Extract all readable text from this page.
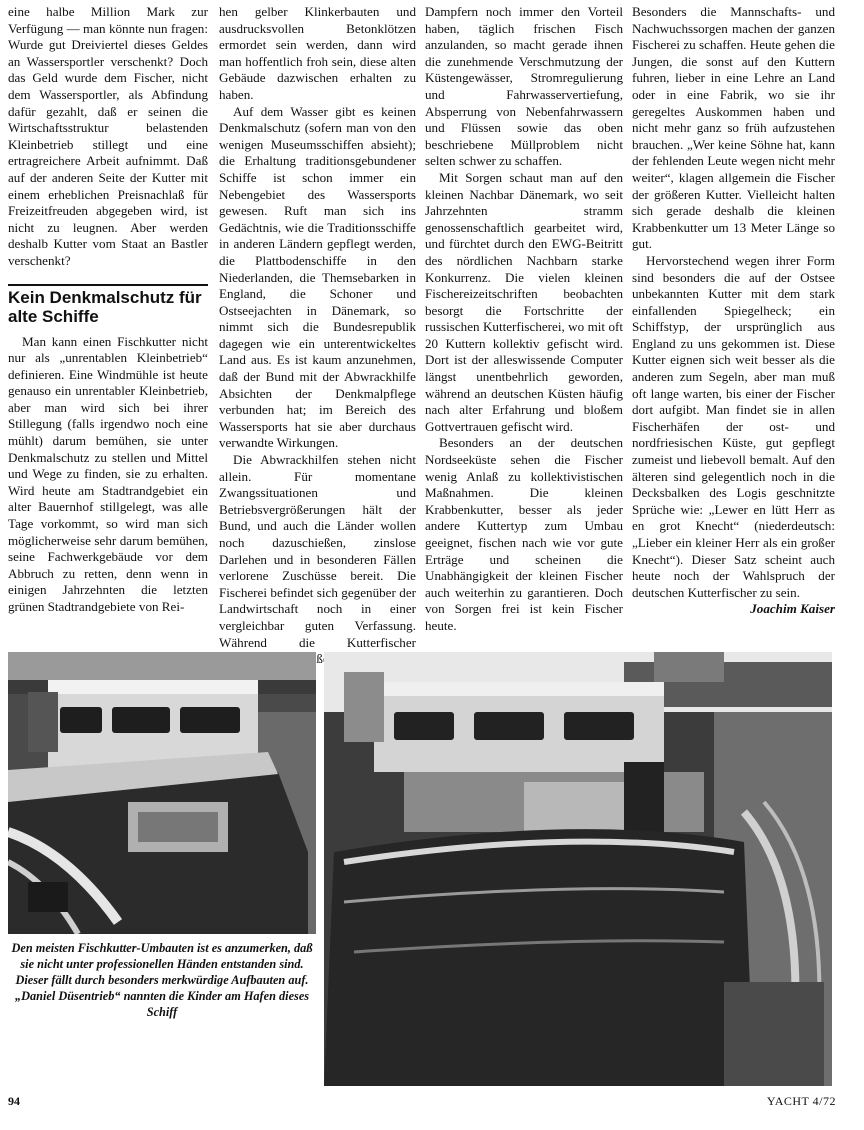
eine halbe Million Mark zur Verfügung — man könnte nun fragen: Wurde gut Dreiviertel dieses Geldes an Wassersportler verschenkt? Doch das Geld wurde dem Fischer, nicht dem Wassersportler, als Abfindung dafür gezahlt, daß er seinen die Wirtschaftsstruktur belastenden Kleinbetrieb stillegt und eine ertragreichere Arbeit aufnimmt. Daß auf der anderen Seite der Kutter mit einem erheblichen Preisnachlaß für Freizeitfreuden abgegeben wird, ist nicht zu leugnen. Aber werden deshalb Kutter vom Staat an Bastler verschenkt?

Kein Denkmalschutz für alte Schiffe

Man kann einen Fischkutter nicht nur als „unrentablen Kleinbetrieb“ definieren. Eine Windmühle ist heute genauso ein unrentabler Kleinbetrieb, aber man wird sich bei ihrer Stillegung (falls irgendwo noch eine mühlt) darum bemühen, sie unter Denkmalschutz zu stellen und Mittel und Wege zu finden, sie zu erhalten. Wird heute am Stadtrandgebiet ein alter Bauernhof stillgelegt, was alle Tage vorkommt, so wird man sich möglicherweise sehr darum bemühen, seine Fachwerkgebäude vor dem Abbruch zu retten, denn wenn in einigen Jahrzehnten die letzten grünen Stadtrandgebiete von Rei-

hen gelber Klinkerbauten und ausdrucksvollen Betonklötzen ermordet sein werden, dann wird man hoffentlich froh sein, diese alten Gebäude dazwischen erhalten zu haben.

Auf dem Wasser gibt es keinen Denkmalschutz (sofern man von den wenigen Museumsschiffen absieht); die Erhaltung traditionsgebundener Schiffe ist schon immer ein Nebengebiet des Wassersports gewesen. Ruft man sich ins Gedächtnis, wie die Traditionsschiffe in anderen Ländern gepflegt werden, die Plattbodenschiffe in den Niederlanden, die Themsebarken in England, die Schoner und Ostseejachten in Dänemark, so nimmt sich die Bundesrepublik dagegen wie ein unterentwickeltes Land aus. Es ist kaum anzunehmen, daß der Bund mit der Abwrackhilfe Absichten der Denkmalpflege verbunden hat; im Bereich des Wassersports hat sie aber durchaus verwandte Wirkungen.

Die Abwrackhilfen stehen nicht allein. Für momentane Zwangssituationen und Betriebsvergrößerungen hält der Bund, und auch die Länder wollen noch dazuschießen, zinslose Darlehen und in besonderen Fällen verlorene Zuschüsse bereit. Die Fischerei befindet sich gegenüber der Landwirtschaft noch in einer vergleichbar guten Verfassung. Während die Kutterfischer großen

Dampfern noch immer den Vorteil haben, täglich frischen Fisch anzulanden, so macht gerade ihnen die zunehmende Verschmutzung der Küstengewässer, Stromregulierung und Fahrwasservertiefung, Absperrung von Nebenfahrwassern und Flüssen sowie das oben beschriebene Müllproblem nicht selten schwer zu schaffen.

Mit Sorgen schaut man auf den kleinen Nachbar Dänemark, wo seit Jahrzehnten stramm genossenschaftlich gearbeitet wird, und fürchtet durch den EWG-Beitritt des nördlichen Nachbarn starke Konkurrenz. Die vielen kleinen Fischereizeitschriften beobachten besorgt die Fortschritte der russischen Kutterfischerei, wo mit oft 20 Kuttern kollektiv gefischt wird. Dort ist der alleswissende Computer längst unentbehrlich geworden, während an deutschen Küsten häufig nach alter Erfahrung und bloßem Gottvertrauen gefischt wird.

Besonders an der deutschen Nordseeküste sehen die Fischer wenig Anlaß zu kollektivistischen Maßnahmen. Die kleinen Krabbenkutter, besser als jeder andere Kuttertyp zum Umbau geeignet, fischen nach wie vor gute Erträge und scheinen die Unabhängigkeit der kleinen Fischer auch weiterhin zu garantieren. Doch von Sorgen frei ist kein Fischer heute.

Besonders die Mannschafts- und Nachwuchssorgen machen der ganzen Fischerei zu schaffen. Heute gehen die Jungen, die sonst auf den Kuttern fuhren, lieber in eine Lehre an Land oder in eine Fabrik, wo sie ihr geregeltes Auskommen haben und nicht mehr ganz so früh aufzustehen brauchen. „Wer keine Söhne hat, kann der fehlenden Leute wegen nicht mehr weiter“, klagen allgemein die Fischer der größeren Kutter. Vielleicht halten sich gerade deshalb die kleinen Krabbenkutter um 13 Meter Länge so gut.

Hervorstechend wegen ihrer Form sind besonders die auf der Ostsee unbekannten Kutter mit dem stark einfallenden Spiegelheck; ein Schiffstyp, der ursprünglich aus England zu uns gekommen ist. Diese Kutter eignen sich weit besser als die anderen zum Segeln, aber man muß oft lange warten, bis einer der Fischer dort aufgibt. Man findet sie in allen Fischerhäfen der ost- und nordfriesischen Küste, gut gepflegt zumeist und liebevoll bemalt. Auf den älteren sind gelegentlich noch in die Decksbalken des Logis geschnitzte Sprüche wie: „Lewer en lütt Herr as en grot Knecht“ (niederdeutsch: „Lieber ein kleiner Herr als ein großer Knecht“). Dieser Satz scheint auch heute noch der Wahlspruch der deutschen Kutterfischer zu sein.

Joachim Kaiser

Den meisten Fischkutter-Umbauten ist es anzumerken, daß sie nicht unter professionellen Händen entstanden sind. Dieser fällt durch besonders merkwürdige Aufbauten auf. „Daniel Düsentrieb“ nannten die Kinder am Hafen dieses Schiff
94	YACHT 4/72
